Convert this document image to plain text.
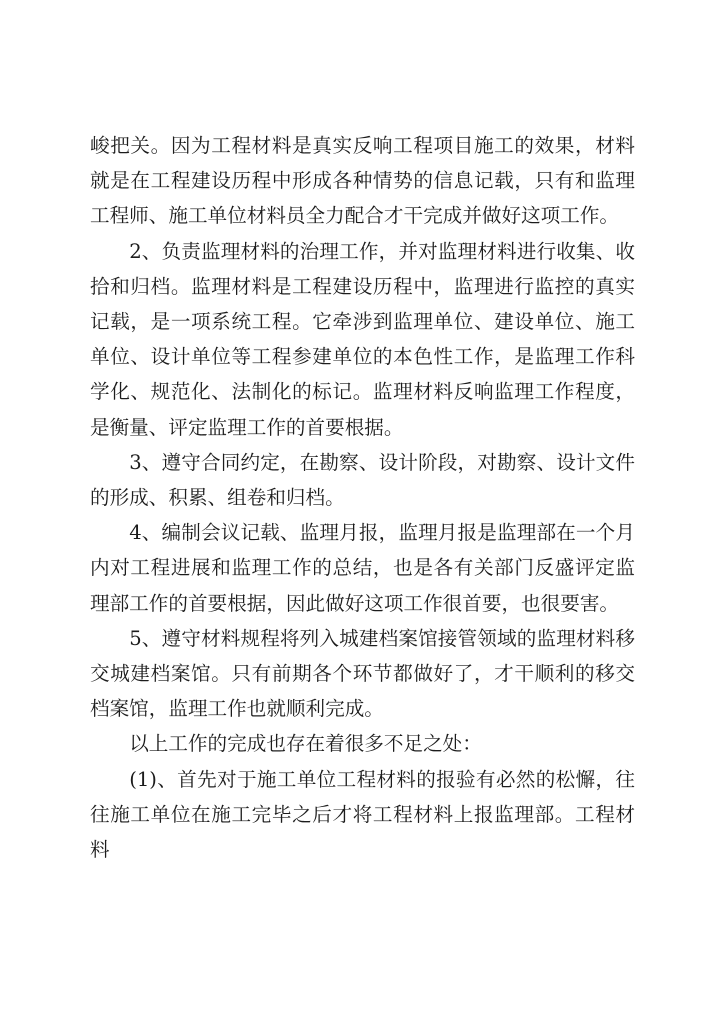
峻把关。因为工程材料是真实反响工程项目施工的效果，材料就是在工程建设历程中形成各种情势的信息记载，只有和监理工程师、施工单位材料员全力配合才干完成并做好这项工作。

2、负责监理材料的治理工作，并对监理材料进行收集、收拾和归档。监理材料是工程建设历程中，监理进行监控的真实记载，是一项系统工程。它牵涉到监理单位、建设单位、施工单位、设计单位等工程参建单位的本色性工作，是监理工作科学化、规范化、法制化的标记。监理材料反响监理工作程度，是衡量、评定监理工作的首要根据。

3、遵守合同约定，在勘察、设计阶段，对勘察、设计文件的形成、积累、组卷和归档。

4、编制会议记载、监理月报，监理月报是监理部在一个月内对工程进展和监理工作的总结，也是各有关部门反盛评定监理部工作的首要根据，因此做好这项工作很首要，也很要害。

5、遵守材料规程将列入城建档案馆接管领域的监理材料移交城建档案馆。只有前期各个环节都做好了，才干顺利的移交档案馆，监理工作也就顺利完成。

以上工作的完成也存在着很多不足之处：

(1)、首先对于施工单位工程材料的报验有必然的松懈，往往施工单位在施工完毕之后才将工程材料上报监理部。工程材料
